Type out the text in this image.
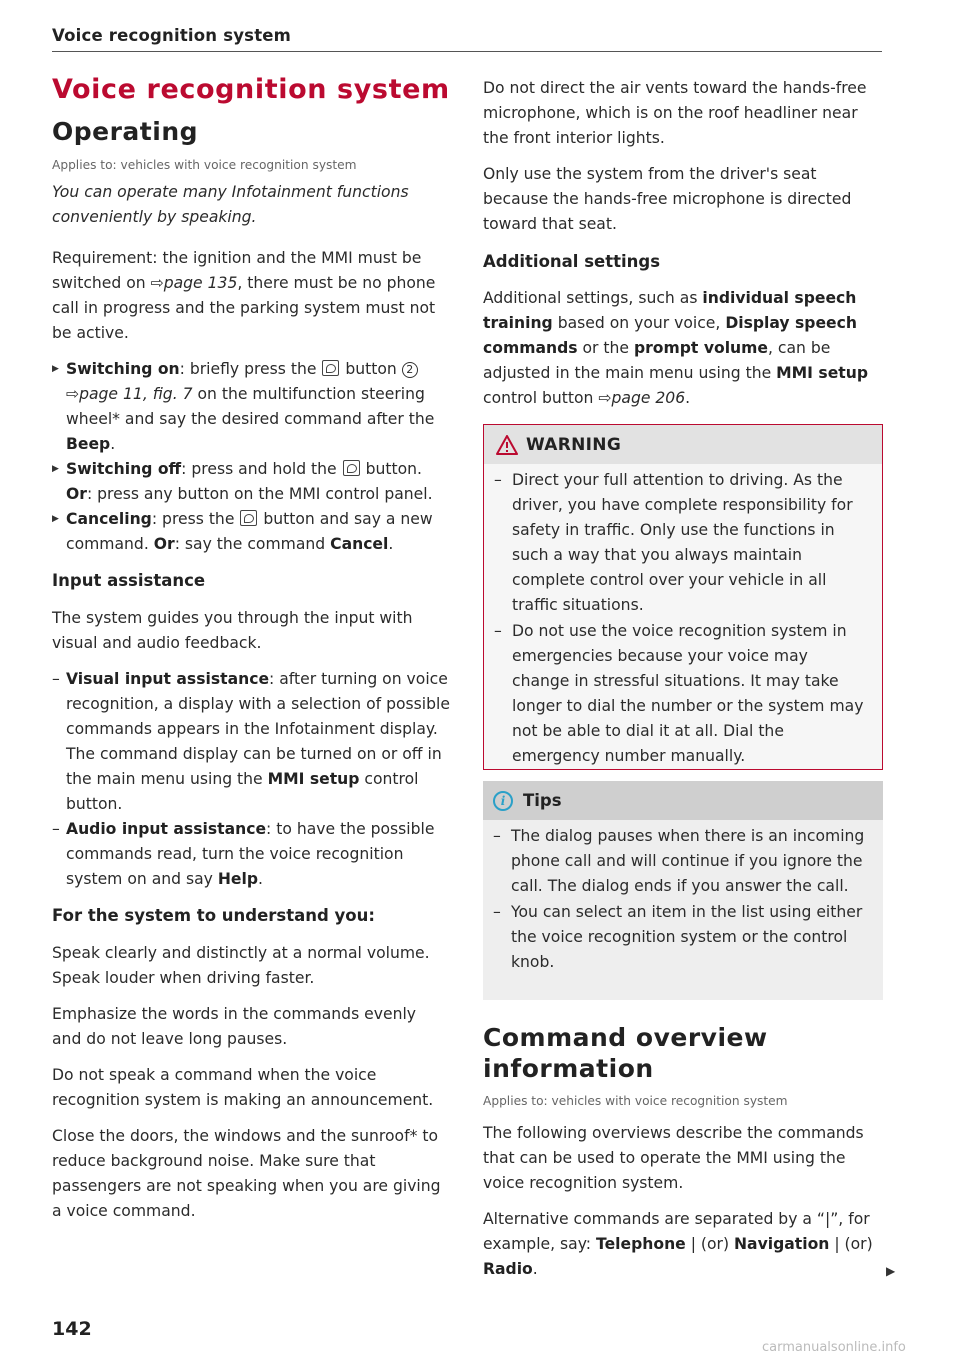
Voice recognition system
Voice recognition system
Operating

Applies to: vehicles with voice recognition system

You can operate many Infotainment functions conveniently by speaking.

Requirement: the ignition and the MMI must be switched on ⇨page 135, there must be no phone call in progress and the parking system must not be active.

▶ Switching on: briefly press the  button 2 ⇨page 11, fig. 7 on the multifunction steering wheel* and say the desired command after the Beep.

▶ Switching off: press and hold the  button.
Or: press any button on the MMI control panel.

▶ Canceling: press the  button and say a new command. Or: say the command Cancel.

Input assistance

The system guides you through the input with visual and audio feedback.

– Visual input assistance: after turning on voice recognition, a display with a selection of possible commands appears in the Infotainment display. The command display can be turned on or off in the main menu using the MMI setup control button.

– Audio input assistance: to have the possible commands read, turn the voice recognition system on and say Help.

For the system to understand you:

Speak clearly and distinctly at a normal volume. Speak louder when driving faster.

Emphasize the words in the commands evenly and do not leave long pauses.

Do not speak a command when the voice recognition system is making an announcement.

Close the doors, the windows and the sunroof* to reduce background noise. Make sure that passengers are not speaking when you are giving a voice command.

Do not direct the air vents toward the hands-free microphone, which is on the roof headliner near the front interior lights.

Only use the system from the driver's seat because the hands-free microphone is directed toward that seat.

Additional settings

Additional settings, such as individual speech training based on your voice, Display speech commands or the prompt volume, can be adjusted in the main menu using the MMI setup control button ⇨page 206.

WARNING

– Direct your full attention to driving. As the driver, you have complete responsibility for safety in traffic. Only use the functions in such a way that you always maintain complete control over your vehicle in all traffic situations.

– Do not use the voice recognition system in emergencies because your voice may change in stressful situations. It may take longer to dial the number or the system may not be able to dial it at all. Dial the emergency number manually.

i	Tips

– The dialog pauses when there is an incoming phone call and will continue if you ignore the call. The dialog ends if you answer the call.

– You can select an item in the list using either the voice recognition system or the control knob.

Command overview information

Applies to: vehicles with voice recognition system

The following overviews describe the commands that can be used to operate the MMI using the voice recognition system.

Alternative commands are separated by a “|”, for example, say: Telephone | (or) Navigation | (or) Radio.	▶
142
carmanualsonline.info
